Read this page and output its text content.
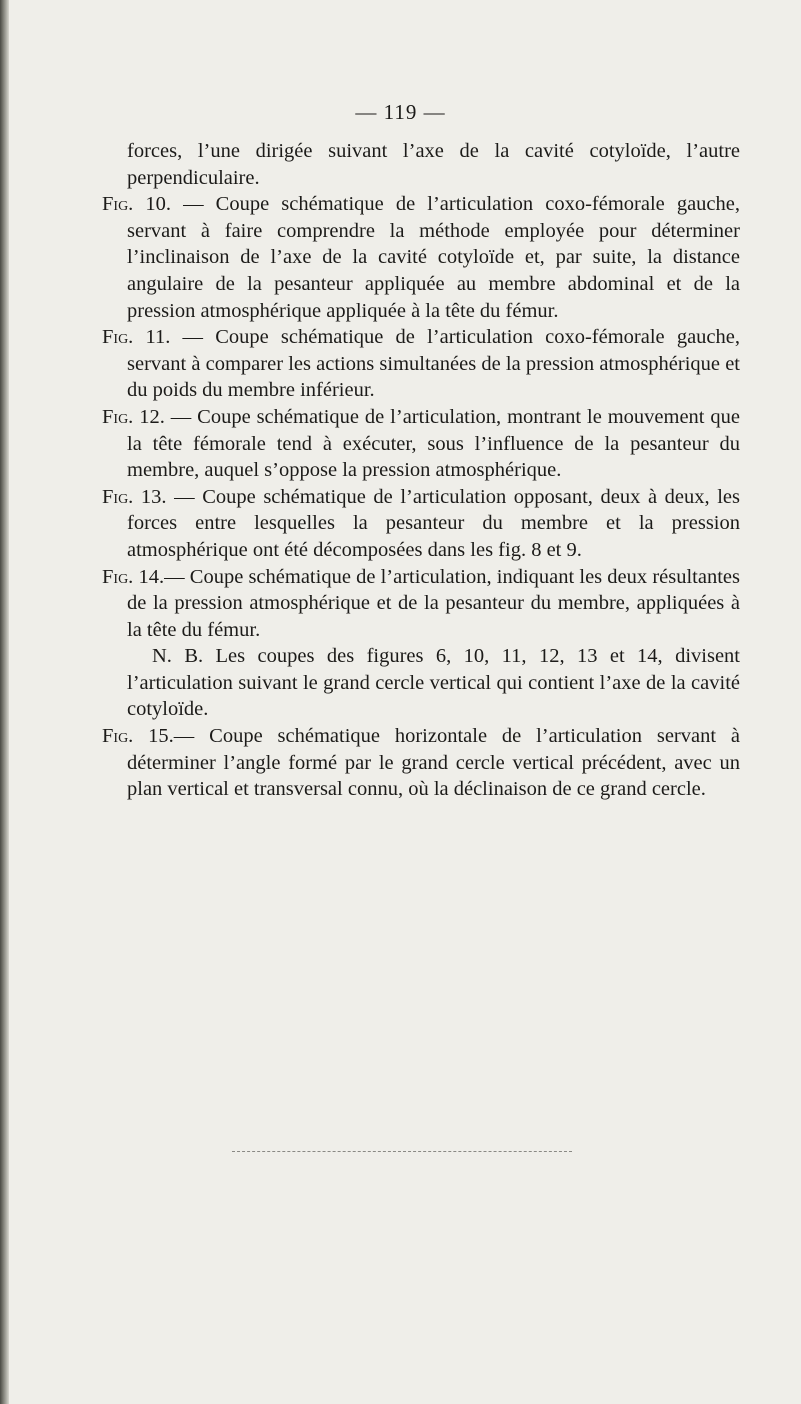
— 119 —

forces, l’une dirigée suivant l’axe de la cavité cotyloïde, l’autre perpendiculaire.

Fig. 10. — Coupe schématique de l’articulation coxo-fémorale gauche, servant à faire comprendre la méthode employée pour déterminer l’inclinaison de l’axe de la cavité cotyloïde et, par suite, la distance angulaire de la pesanteur appliquée au membre abdominal et de la pression atmosphérique appliquée à la tête du fémur.

Fig. 11. — Coupe schématique de l’articulation coxo-fémorale gauche, servant à comparer les actions simultanées de la pression atmosphérique et du poids du membre inférieur.

Fig. 12. — Coupe schématique de l’articulation, montrant le mouvement que la tête fémorale tend à exécuter, sous l’influence de la pesanteur du membre, auquel s’oppose la pression atmosphérique.

Fig. 13. — Coupe schématique de l’articulation opposant, deux à deux, les forces entre lesquelles la pesanteur du membre et la pression atmosphérique ont été décomposées dans les fig. 8 et 9.

Fig. 14.— Coupe schématique de l’articulation, indiquant les deux résultantes de la pression atmosphérique et de la pesanteur du membre, appliquées à la tête du fémur.

N. B. Les coupes des figures 6, 10, 11, 12, 13 et 14, divisent l’articulation suivant le grand cercle vertical qui contient l’axe de la cavité cotyloïde.

Fig. 15.— Coupe schématique horizontale de l’articulation servant à déterminer l’angle formé par le grand cercle vertical précédent, avec un plan vertical et transversal connu, où la déclinaison de ce grand cercle.
